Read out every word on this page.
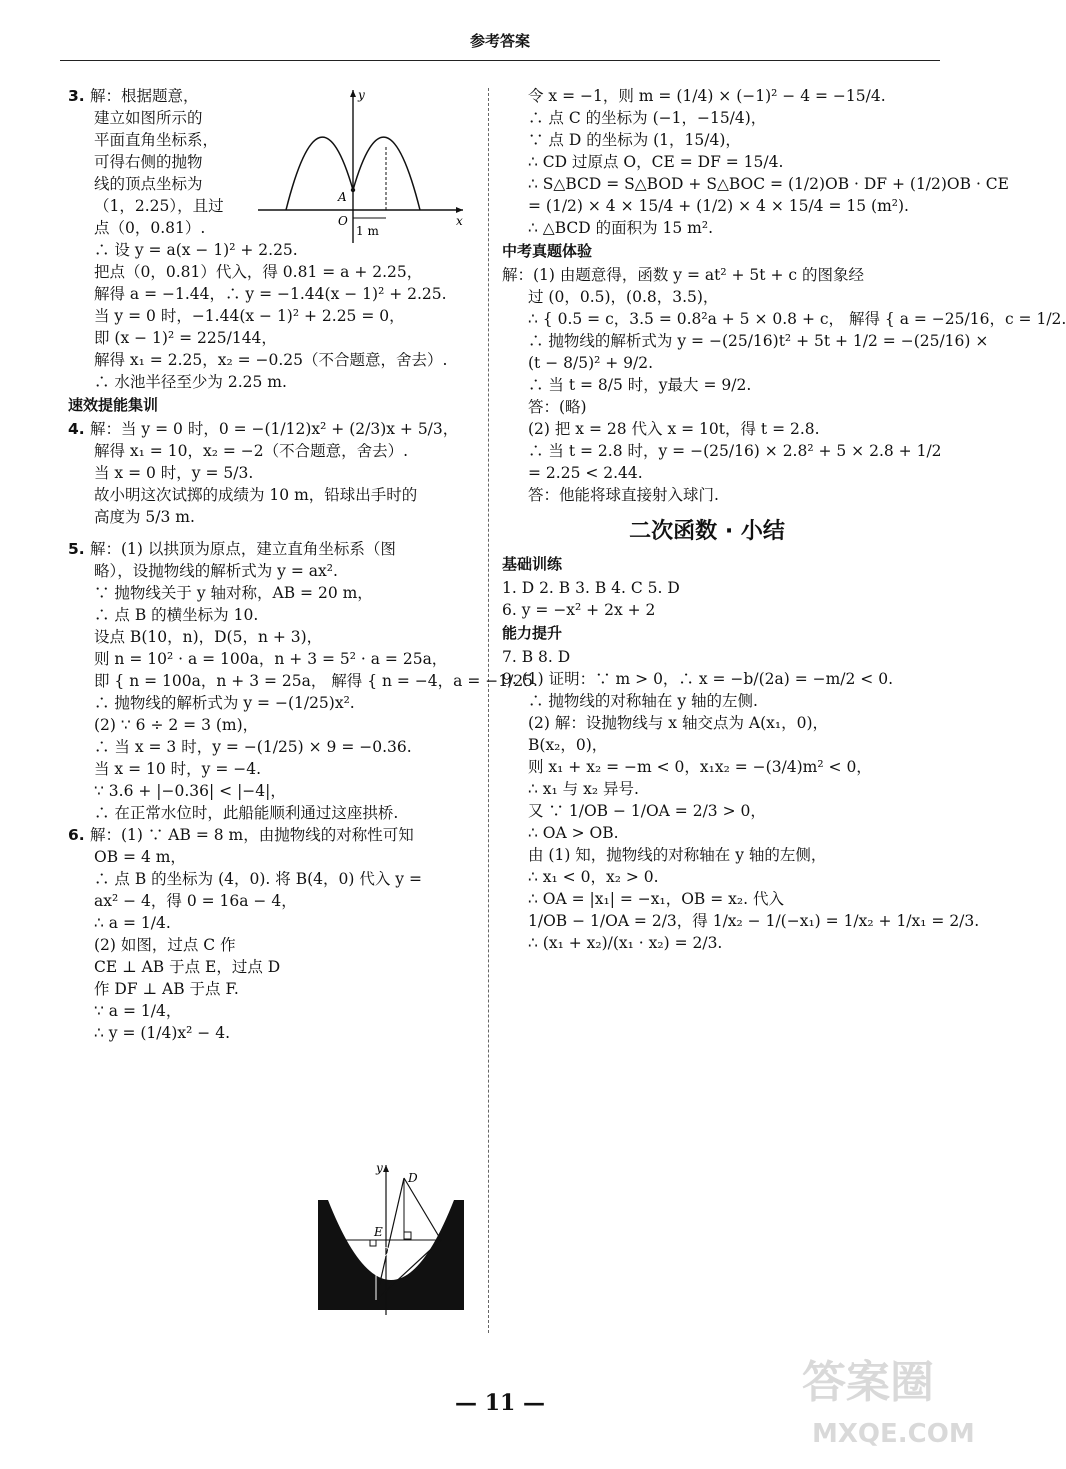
参考答案
3. 解：根据题意，
建立如图所示的
平面直角坐标系，
可得右侧的抛物
线的顶点坐标为
（1，2.25），且过
点（0，0.81）.
∴ 设 y = a(x − 1)² + 2.25.
把点（0，0.81）代入，得 0.81 = a + 2.25，
解得 a = −1.44，∴ y = −1.44(x − 1)² + 2.25.
当 y = 0 时，−1.44(x − 1)² + 2.25 = 0，
即 (x − 1)² = 225/144，
解得 x₁ = 2.25，x₂ = −0.25（不合题意，舍去）.
∴ 水池半径至少为 2.25 m.
速效提能集训
4. 解：当 y = 0 时，0 = −(1/12)x² + (2/3)x + 5/3，
解得 x₁ = 10，x₂ = −2（不合题意，舍去）.
当 x = 0 时，y = 5/3.
故小明这次试掷的成绩为 10 m，铅球出手时的
高度为 5/3 m.
5. 解：(1) 以拱顶为原点，建立直角坐标系（图
略），设抛物线的解析式为 y = ax².
∵ 抛物线关于 y 轴对称，AB = 20 m，
∴ 点 B 的横坐标为 10.
设点 B(10，n)，D(5，n + 3)，
则 n = 10² · a = 100a，n + 3 = 5² · a = 25a，
即 { n = 100a，n + 3 = 25a， 解得 { n = −4，a = −1/25.
∴ 抛物线的解析式为 y = −(1/25)x².
(2) ∵ 6 ÷ 2 = 3 (m)，
∴ 当 x = 3 时，y = −(1/25) × 9 = −0.36.
当 x = 10 时，y = −4.
∵ 3.6 + |−0.36| < |−4|，
∴ 在正常水位时，此船能顺利通过这座拱桥.
6. 解：(1) ∵ AB = 8 m，由抛物线的对称性可知
OB = 4 m，
∴ 点 B 的坐标为 (4，0). 将 B(4，0) 代入 y =
ax² − 4，得 0 = 16a − 4，
∴ a = 1/4.
(2) 如图，过点 C 作
CE ⊥ AB 于点 E，过点 D
作 DF ⊥ AB 于点 F.
∵ a = 1/4，
∴ y = (1/4)x² − 4.
令 x = −1，则 m = (1/4) × (−1)² − 4 = −15/4.
∴ 点 C 的坐标为 (−1，−15/4)，
∵ 点 D 的坐标为 (1，15/4)，
∴ CD 过原点 O，CE = DF = 15/4.
∴ S△BCD = S△BOD + S△BOC = (1/2)OB · DF + (1/2)OB · CE
= (1/2) × 4 × 15/4 + (1/2) × 4 × 15/4 = 15 (m²).
∴ △BCD 的面积为 15 m².
中考真题体验
解：(1) 由题意得，函数 y = at² + 5t + c 的图象经
过 (0，0.5)，(0.8，3.5)，
∴ { 0.5 = c，3.5 = 0.8²a + 5 × 0.8 + c， 解得 { a = −25/16，c = 1/2.
∴ 抛物线的解析式为 y = −(25/16)t² + 5t + 1/2 = −(25/16) ×
(t − 8/5)² + 9/2.
∴ 当 t = 8/5 时，y最大 = 9/2.
答：(略)
(2) 把 x = 28 代入 x = 10t，得 t = 2.8.
∴ 当 t = 2.8 时，y = −(25/16) × 2.8² + 5 × 2.8 + 1/2
= 2.25 < 2.44.
答：他能将球直接射入球门.
二次函数 · 小结
基础训练
1. D 2. B 3. B 4. C 5. D
6. y = −x² + 2x + 2
能力提升
7. B 8. D
9. (1) 证明：∵ m > 0，∴ x = −b/(2a) = −m/2 < 0.
∴ 抛物线的对称轴在 y 轴的左侧.
(2) 解：设抛物线与 x 轴交点为 A(x₁，0)，
B(x₂，0)，
则 x₁ + x₂ = −m < 0，x₁x₂ = −(3/4)m² < 0，
∴ x₁ 与 x₂ 异号.
又 ∵ 1/OB − 1/OA = 2/3 > 0，
∴ OA > OB.
由 (1) 知，抛物线的对称轴在 y 轴的左侧，
∴ x₁ < 0，x₂ > 0.
∴ OA = |x₁| = −x₁，OB = x₂. 代入
1/OB − 1/OA = 2/3，得 1/x₂ − 1/(−x₁) = 1/x₂ + 1/x₁ = 2/3.
∴ (x₁ + x₂)/(x₁ · x₂) = 2/3.
y
x
A
O
1 m
y
D
E
F
O
— 11 —	答案圈
MXQE.COM
